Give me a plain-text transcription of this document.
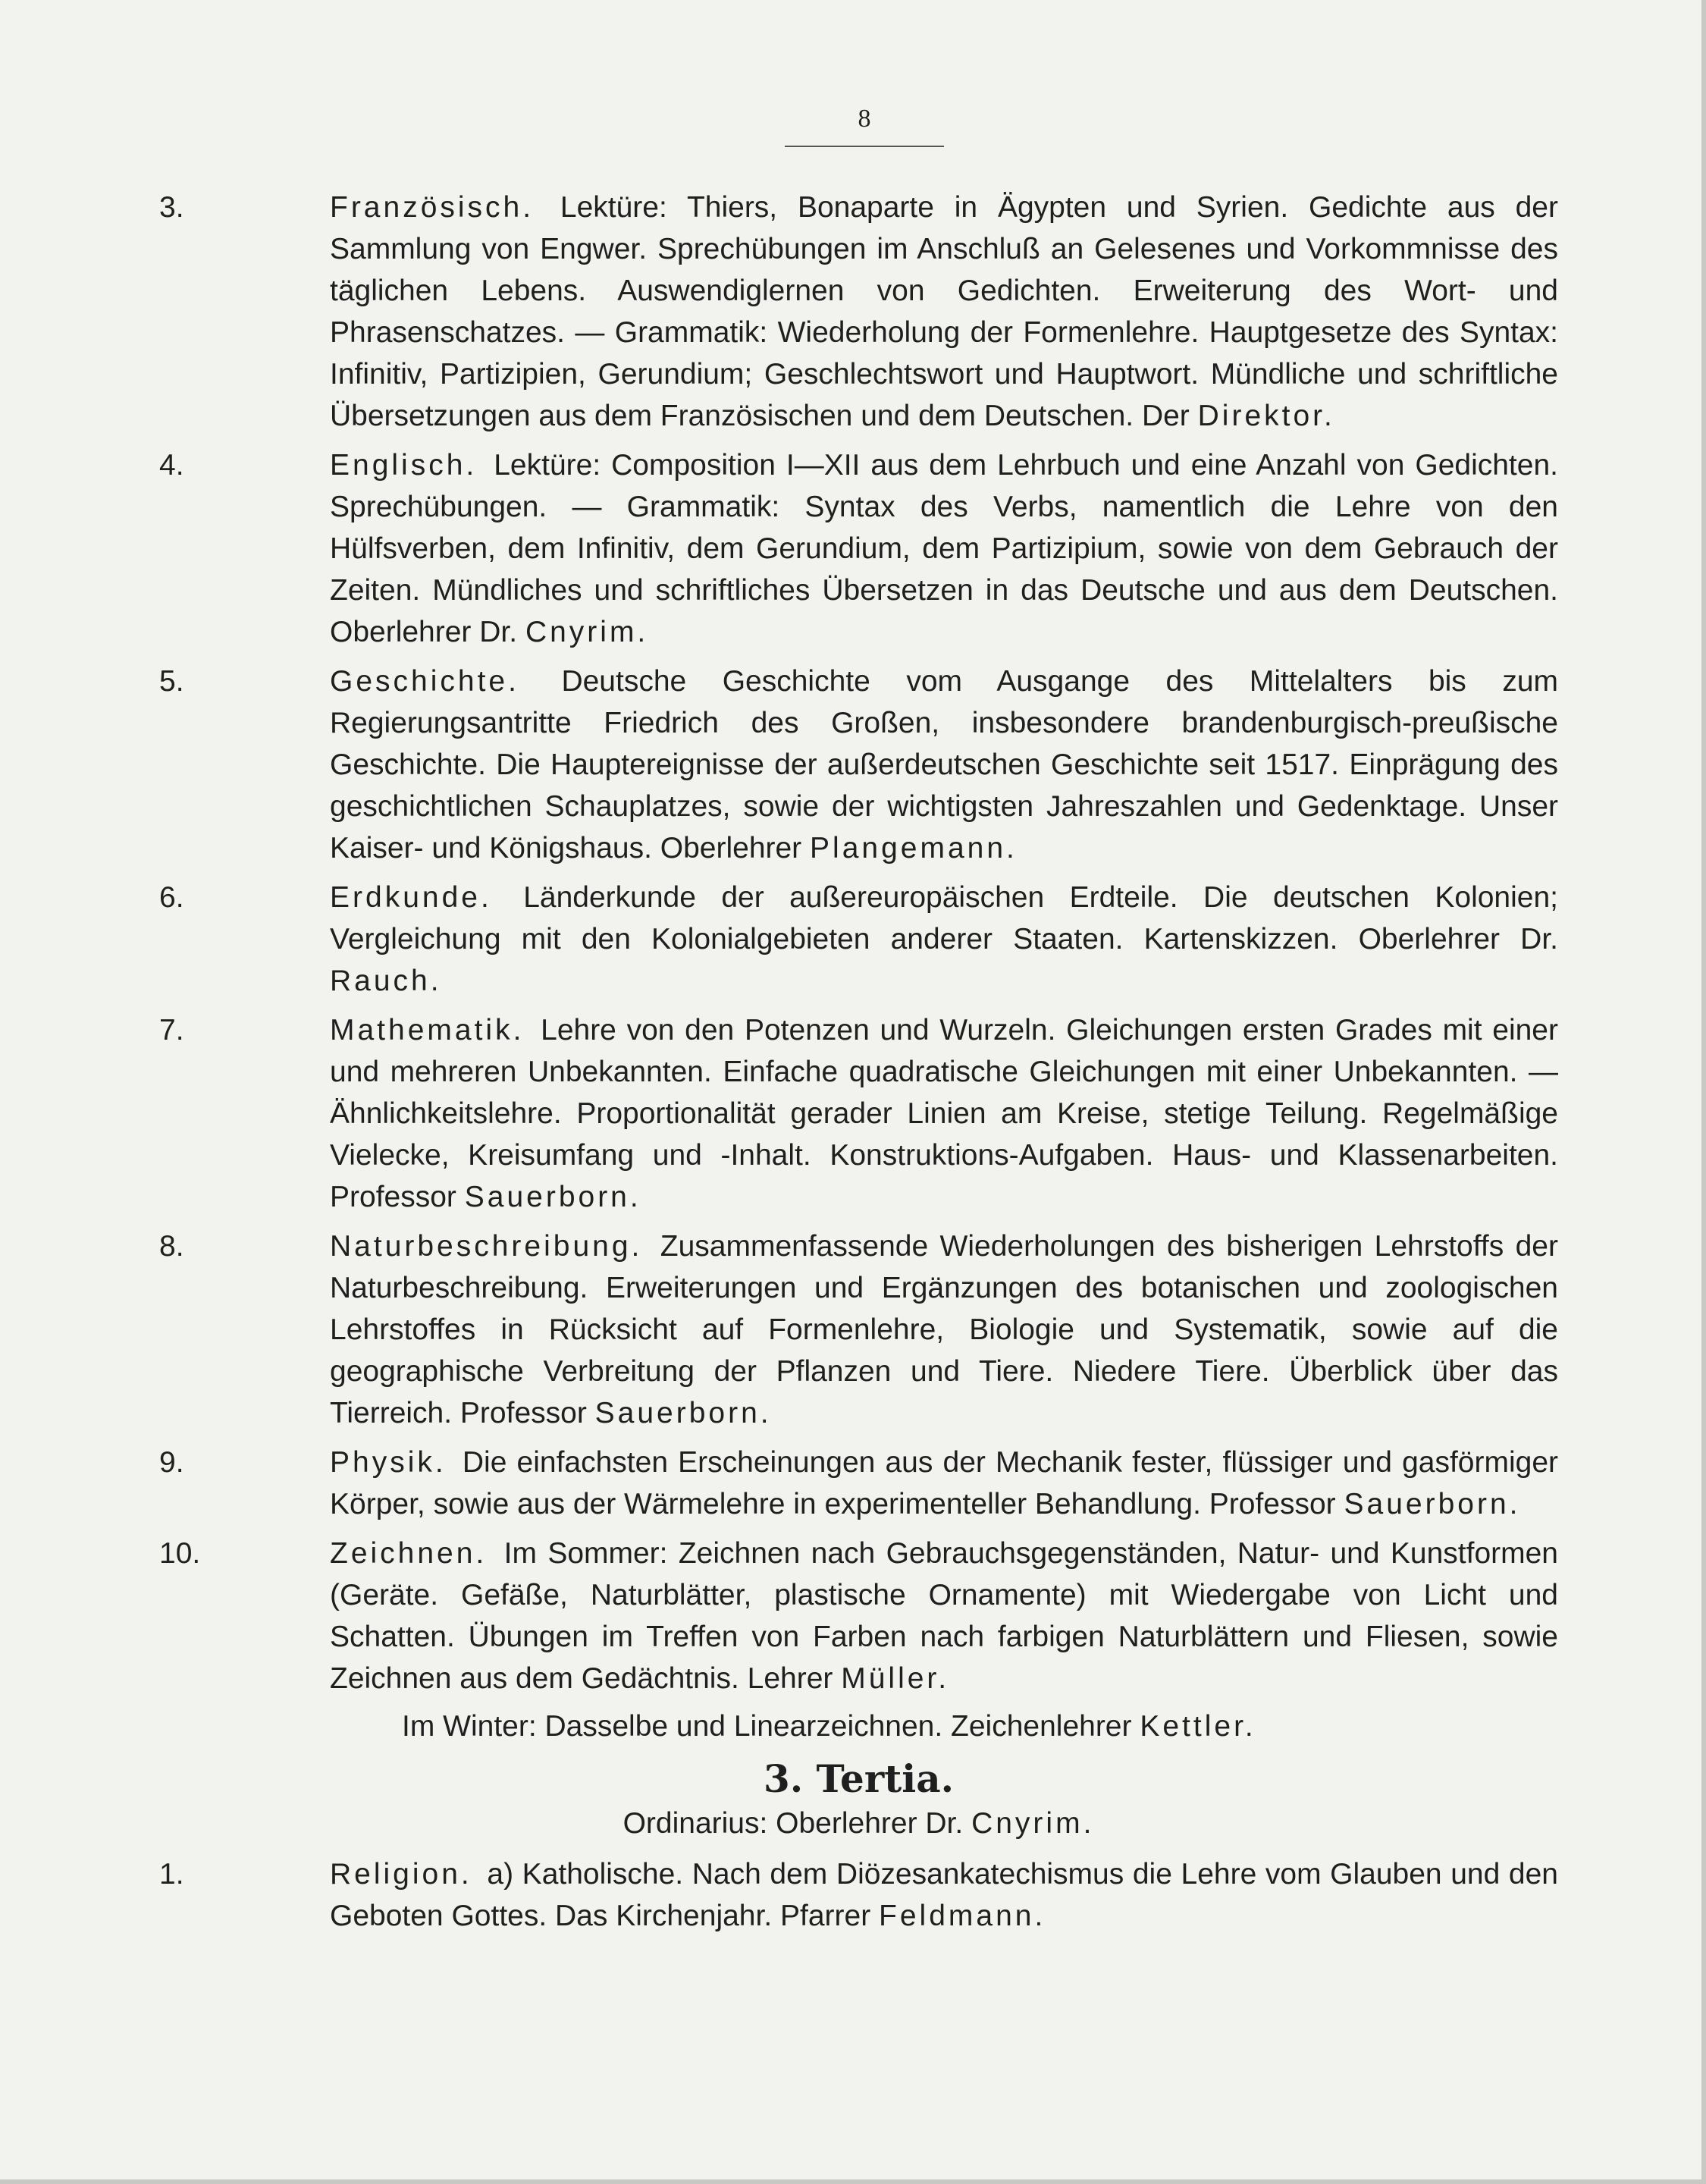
8
3.	Französisch. Lektüre: Thiers, Bonaparte in Ägypten und Syrien. Gedichte aus der Sammlung von Engwer. Sprechübungen im Anschluß an Gelesenes und Vorkommnisse des täglichen Lebens. Auswendiglernen von Gedichten. Erweiterung des Wort- und Phrasenschatzes. — Grammatik: Wiederholung der Formenlehre. Hauptgesetze des Syntax: Infinitiv, Partizipien, Gerundium; Geschlechtswort und Hauptwort. Mündliche und schriftliche Übersetzungen aus dem Französischen und dem Deutschen. Der Direktor.
4.	Englisch. Lektüre: Composition I—XII aus dem Lehrbuch und eine Anzahl von Gedichten. Sprechübungen. — Grammatik: Syntax des Verbs, namentlich die Lehre von den Hülfsverben, dem Infinitiv, dem Gerundium, dem Partizipium, sowie von dem Gebrauch der Zeiten. Mündliches und schriftliches Übersetzen in das Deutsche und aus dem Deutschen. Oberlehrer Dr. Cnyrim.
5.	Geschichte. Deutsche Geschichte vom Ausgange des Mittelalters bis zum Regierungsantritte Friedrich des Großen, insbesondere brandenburgisch-preußische Geschichte. Die Hauptereignisse der außerdeutschen Geschichte seit 1517. Einprägung des geschichtlichen Schauplatzes, sowie der wichtigsten Jahreszahlen und Gedenktage. Unser Kaiser- und Königshaus. Oberlehrer Plangemann.
6.	Erdkunde. Länderkunde der außereuropäischen Erdteile. Die deutschen Kolonien; Vergleichung mit den Kolonialgebieten anderer Staaten. Kartenskizzen. Oberlehrer Dr. Rauch.
7.	Mathematik. Lehre von den Potenzen und Wurzeln. Gleichungen ersten Grades mit einer und mehreren Unbekannten. Einfache quadratische Gleichungen mit einer Unbekannten. — Ähnlichkeitslehre. Proportionalität gerader Linien am Kreise, stetige Teilung. Regelmäßige Vielecke, Kreisumfang und -Inhalt. Konstruktions-Aufgaben. Haus- und Klassenarbeiten. Professor Sauerborn.
8.	Naturbeschreibung. Zusammenfassende Wiederholungen des bisherigen Lehrstoffs der Naturbeschreibung. Erweiterungen und Ergänzungen des botanischen und zoologischen Lehrstoffes in Rücksicht auf Formenlehre, Biologie und Systematik, sowie auf die geographische Verbreitung der Pflanzen und Tiere. Niedere Tiere. Überblick über das Tierreich. Professor Sauerborn.
9.	Physik. Die einfachsten Erscheinungen aus der Mechanik fester, flüssiger und gasförmiger Körper, sowie aus der Wärmelehre in experimenteller Behandlung. Professor Sauerborn.
10.	Zeichnen. Im Sommer: Zeichnen nach Gebrauchsgegenständen, Natur- und Kunstformen (Geräte. Gefäße, Naturblätter, plastische Ornamente) mit Wiedergabe von Licht und Schatten. Übungen im Treffen von Farben nach farbigen Naturblättern und Fliesen, sowie Zeichnen aus dem Gedächtnis. Lehrer Müller.
Im Winter: Dasselbe und Linearzeichnen. Zeichenlehrer Kettler.
3. Tertia.
Ordinarius: Oberlehrer Dr. Cnyrim.
1.	Religion. a) Katholische. Nach dem Diözesankatechismus die Lehre vom Glauben und den Geboten Gottes. Das Kirchenjahr. Pfarrer Feldmann.
